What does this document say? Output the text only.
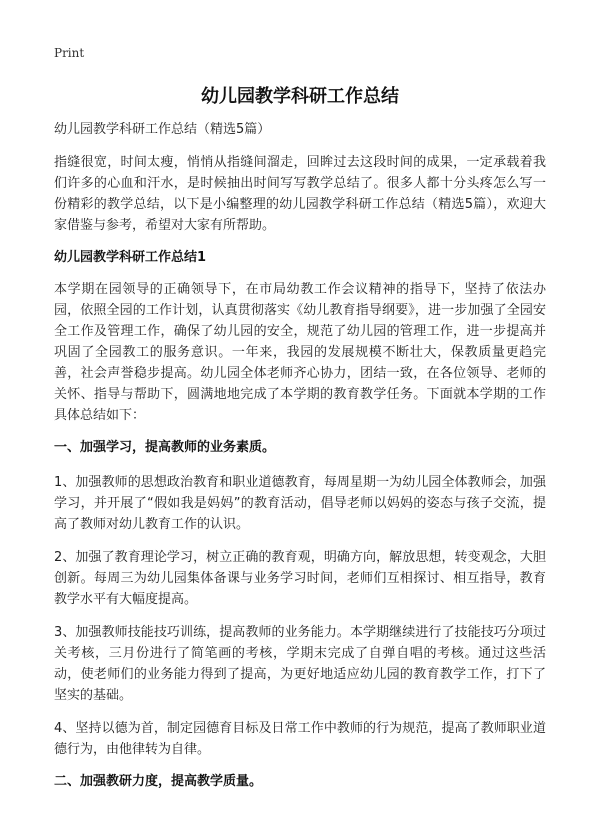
Print
幼儿园教学科研工作总结
幼儿园教学科研工作总结（精选5篇）

指缝很宽，时间太瘦，悄悄从指缝间溜走，回眸过去这段时间的成果，一定承载着我们许多的心血和汗水，是时候抽出时间写写教学总结了。很多人都十分头疼怎么写一份精彩的教学总结，以下是小编整理的幼儿园教学科研工作总结（精选5篇），欢迎大家借鉴与参考，希望对大家有所帮助。

幼儿园教学科研工作总结1

本学期在园领导的正确领导下，在市局幼教工作会议精神的指导下，坚持了依法办园，依照全园的工作计划，认真贯彻落实《幼儿教育指导纲要》，进一步加强了全园安全工作及管理工作，确保了幼儿园的安全，规范了幼儿园的管理工作，进一步提高并巩固了全园教工的服务意识。一年来，我园的发展规模不断壮大，保教质量更趋完善，社会声誉稳步提高。幼儿园全体老师齐心协力，团结一致，在各位领导、老师的关怀、指导与帮助下，圆满地地完成了本学期的教育教学任务。下面就本学期的工作具体总结如下：

一、加强学习，提高教师的业务素质。

1、加强教师的思想政治教育和职业道德教育，每周星期一为幼儿园全体教师会，加强学习，并开展了“假如我是妈妈”的教育活动，倡导老师以妈妈的姿态与孩子交流，提高了教师对幼儿教育工作的认识。

2、加强了教育理论学习，树立正确的教育观，明确方向，解放思想，转变观念，大胆创新。每周三为幼儿园集体备课与业务学习时间，老师们互相探讨、相互指导，教育教学水平有大幅度提高。

3、加强教师技能技巧训练，提高教师的业务能力。本学期继续进行了技能技巧分项过关考核，三月份进行了简笔画的考核，学期末完成了自弹自唱的考核。通过这些活动，使老师们的业务能力得到了提高，为更好地适应幼儿园的教育教学工作，打下了坚实的基础。

4、坚持以德为首，制定园德育目标及日常工作中教师的行为规范，提高了教师职业道德行为，由他律转为自律。

二、加强教研力度，提高教学质量。
